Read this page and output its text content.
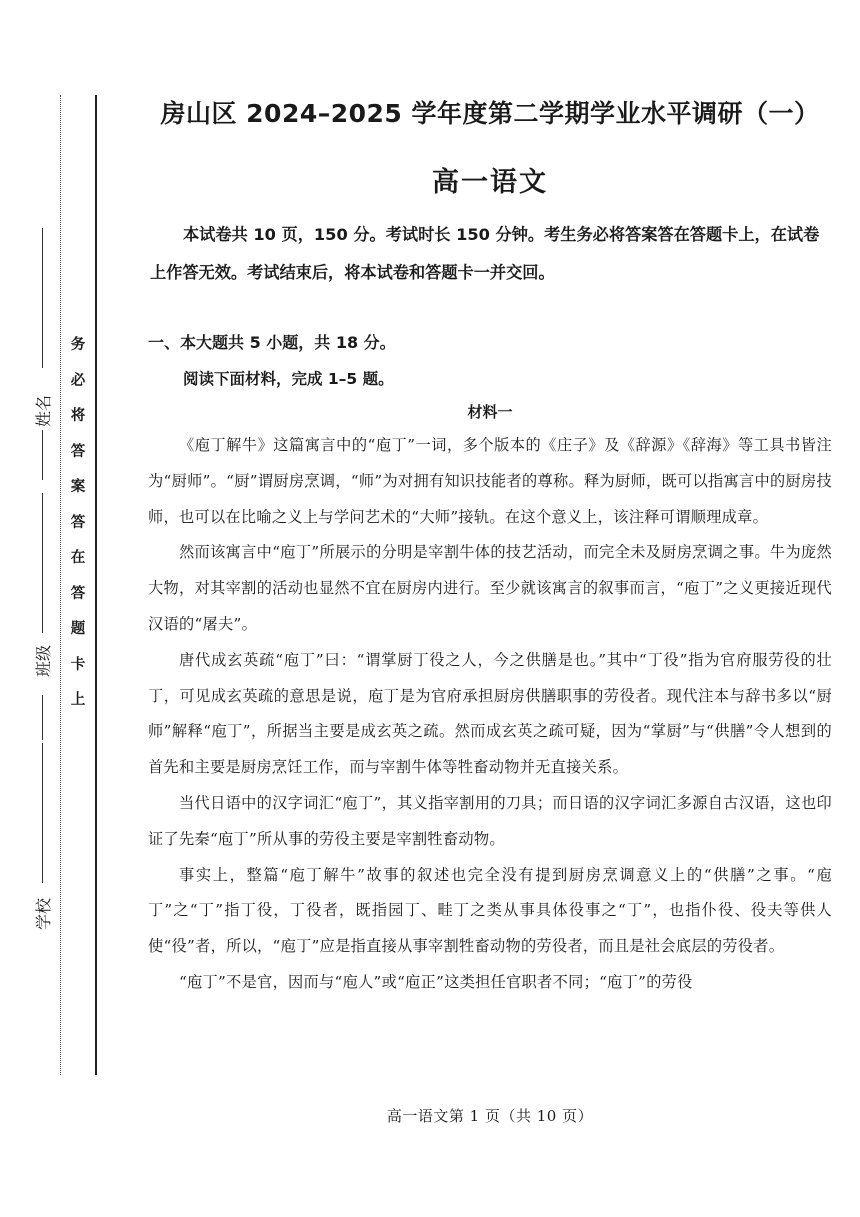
姓名
班级
学校
务
必
将
答
案
答
在
答
题
卡
上
房山区 2024–2025 学年度第二学期学业水平调研（一）
高一语文

本试卷共 10 页，150 分。考试时长 150 分钟。考生务必将答案答在答题卡上，在试卷上作答无效。考试结束后，将本试卷和答题卡一并交回。

一、本大题共 5 小题，共 18 分。
阅读下面材料，完成 1–5 题。
材料一

《庖丁解牛》这篇寓言中的“庖丁”一词，多个版本的《庄子》及《辞源》《辞海》等工具书皆注为“厨师”。“厨”谓厨房烹调，“师”为对拥有知识技能者的尊称。释为厨师，既可以指寓言中的厨房技师，也可以在比喻之义上与学问艺术的“大师”接轨。在这个意义上，该注释可谓顺理成章。

然而该寓言中“庖丁”所展示的分明是宰割牛体的技艺活动，而完全未及厨房烹调之事。牛为庞然大物，对其宰割的活动也显然不宜在厨房内进行。至少就该寓言的叙事而言，“庖丁”之义更接近现代汉语的“屠夫”。

唐代成玄英疏“庖丁”曰：“谓掌厨丁役之人，今之供膳是也。”其中“丁役”指为官府服劳役的壮丁，可见成玄英疏的意思是说，庖丁是为官府承担厨房供膳职事的劳役者。现代注本与辞书多以“厨师”解释“庖丁”，所据当主要是成玄英之疏。然而成玄英之疏可疑，因为“掌厨”与“供膳”令人想到的首先和主要是厨房烹饪工作，而与宰割牛体等牲畜动物并无直接关系。

当代日语中的汉字词汇“庖丁”，其义指宰割用的刀具；而日语的汉字词汇多源自古汉语，这也印证了先秦“庖丁”所从事的劳役主要是宰割牲畜动物。

事实上，整篇“庖丁解牛”故事的叙述也完全没有提到厨房烹调意义上的“供膳”之事。“庖丁”之“丁”指丁役，丁役者，既指园丁、畦丁之类从事具体役事之“丁”，也指仆役、役夫等供人使“役”者，所以，“庖丁”应是指直接从事宰割牲畜动物的劳役者，而且是社会底层的劳役者。

“庖丁”不是官，因而与“庖人”或“庖正”这类担任官职者不同；“庖丁”的劳役

高一语文第 1 页（共 10 页）
